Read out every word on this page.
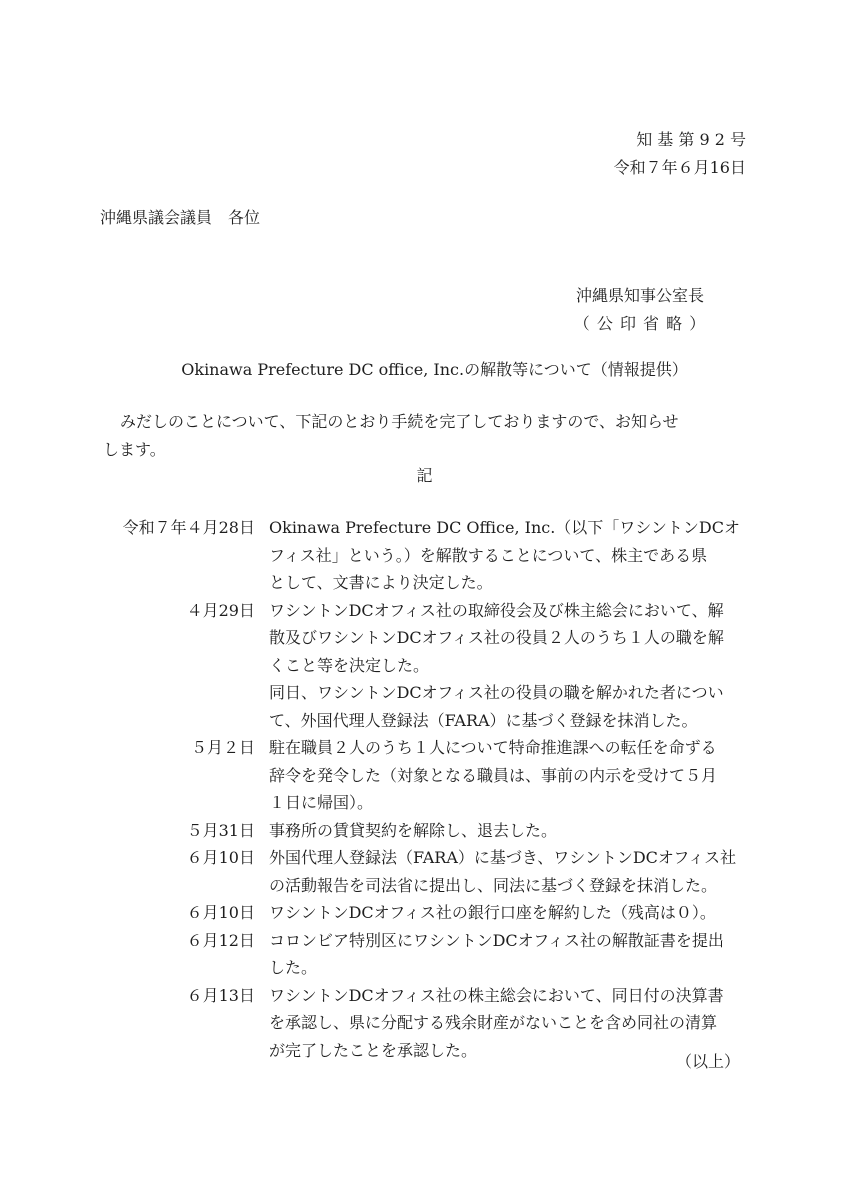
知 基 第 9 2 号
令和７年６月16日
沖縄県議会議員　各位
沖縄県知事公室長
（ 公 印 省 略 ）
Okinawa Prefecture DC office, Inc.の解散等について（情報提供）
みだしのことについて、下記のとおり手続を完了しておりますので、お知らせ
します。
記
令和７年４月28日 Okinawa Prefecture DC Office, Inc.（以下「ワシントンDCオ
フィス社」という。）を解散することについて、株主である県
として、文書により決定した。
４月29日 ワシントンDCオフィス社の取締役会及び株主総会において、解
散及びワシントンDCオフィス社の役員２人のうち１人の職を解
くこと等を決定した。
同日、ワシントンDCオフィス社の役員の職を解かれた者につい
て、外国代理人登録法（FARA）に基づく登録を抹消した。
５月２日 駐在職員２人のうち１人について特命推進課への転任を命ずる
辞令を発令した（対象となる職員は、事前の内示を受けて５月
１日に帰国）。
５月31日 事務所の賃貸契約を解除し、退去した。
６月10日 外国代理人登録法（FARA）に基づき、ワシントンDCオフィス社
の活動報告を司法省に提出し、同法に基づく登録を抹消した。
６月10日 ワシントンDCオフィス社の銀行口座を解約した（残高は０）。
６月12日 コロンビア特別区にワシントンDCオフィス社の解散証書を提出
した。
６月13日 ワシントンDCオフィス社の株主総会において、同日付の決算書
を承認し、県に分配する残余財産がないことを含め同社の清算
が完了したことを承認した。
（以上）
